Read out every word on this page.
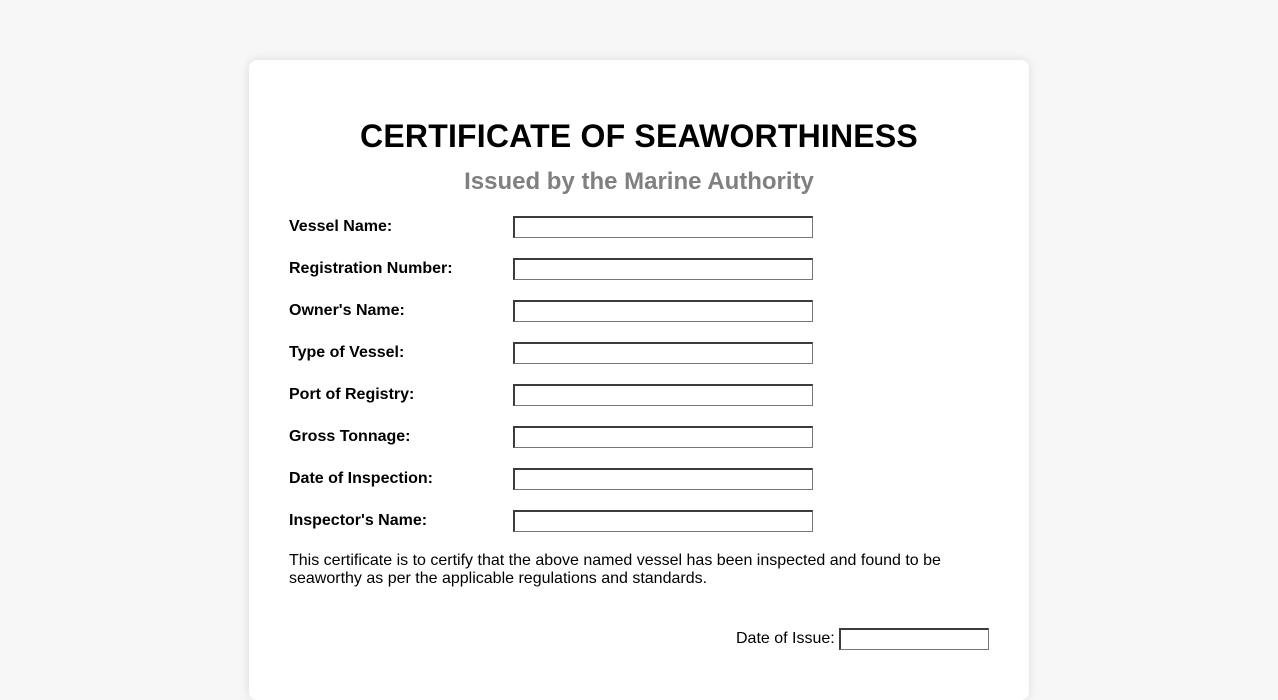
CERTIFICATE OF SEAWORTHINESS
Issued by the Marine Authority
Vessel Name:
Registration Number:
Owner's Name:
Type of Vessel:
Port of Registry:
Gross Tonnage:
Date of Inspection:
Inspector's Name:

This certificate is to certify that the above named vessel has been inspected and found to be seaworthy as per the applicable regulations and standards.

Date of Issue:
